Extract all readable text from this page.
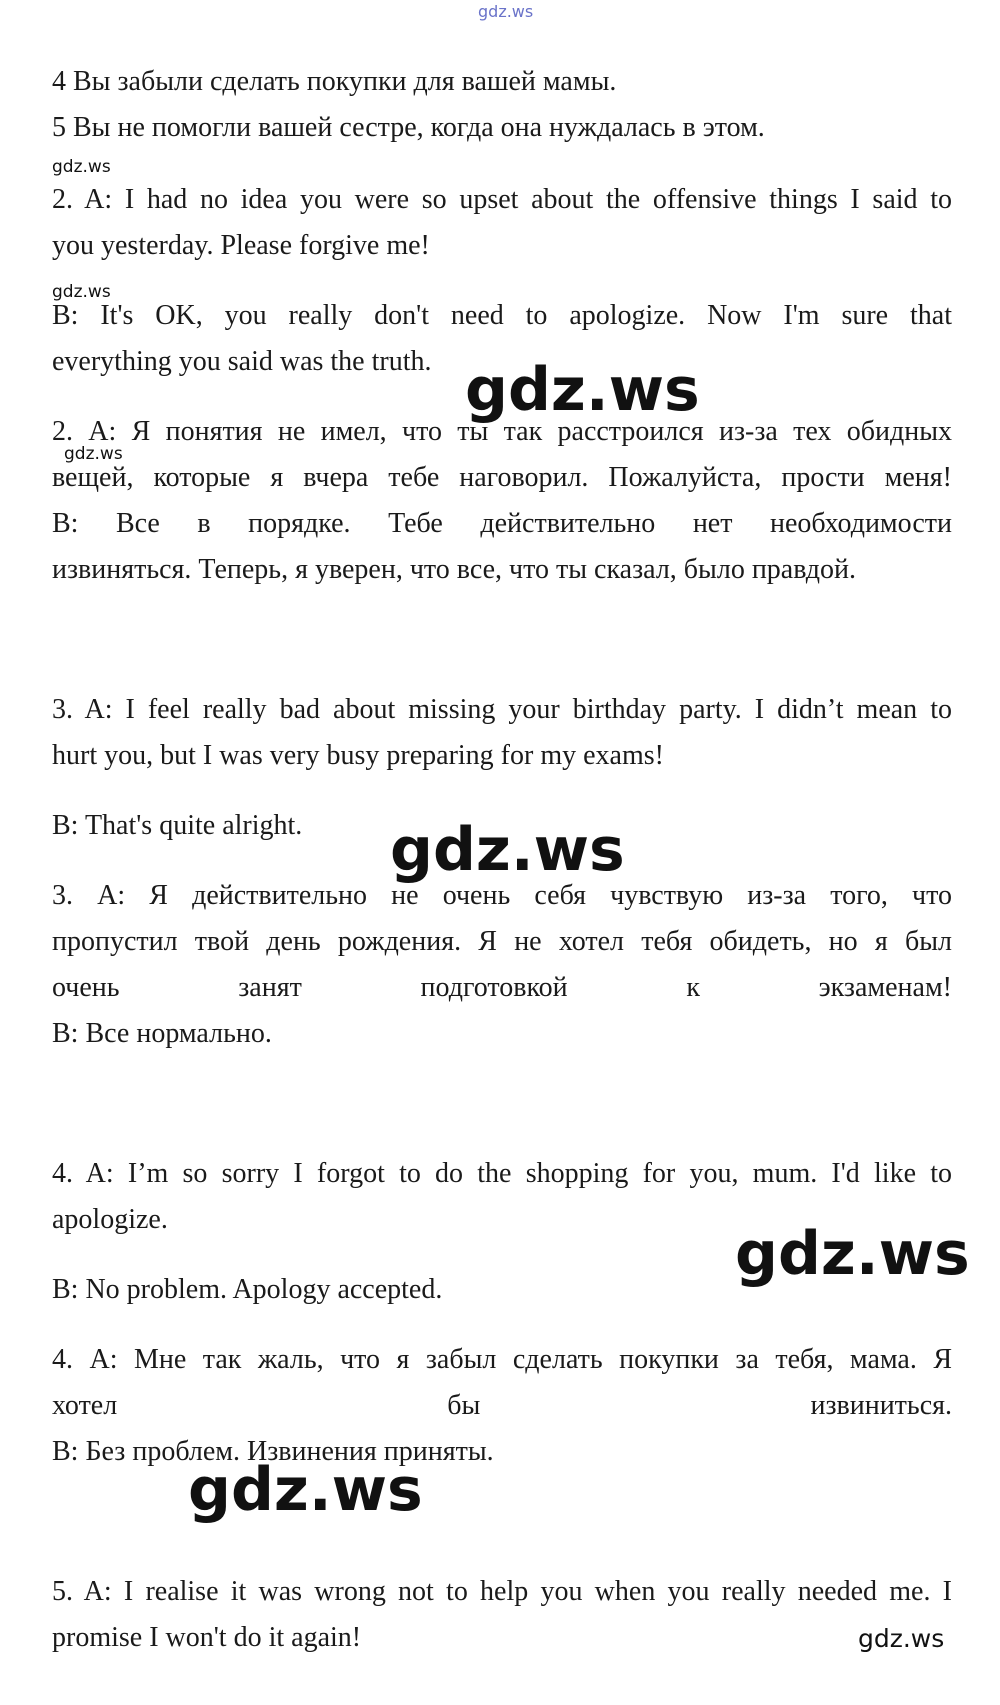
gdz.ws
4 Вы забыли сделать покупки для вашей мамы.
5 Вы не помогли вашей сестре, когда она нуждалась в этом.
gdz.ws
2. A: I had no idea you were so upset about the offensive things I said to
you yesterday. Please forgive me!
gdz.ws
B: It's OK, you really don't need to apologize. Now I'm sure that
everything you said was the truth. gdz.ws
2. А: Я понятия не имел, что ты так расстроился из-за тех обидных
gdz.ws
вещей, которые я вчера тебе наговорил. Пожалуйста, прости меня!
В: Все в порядке. Тебе действительно нет необходимости
извиняться. Теперь, я уверен, что все, что ты сказал, было правдой.
3. A: I feel really bad about missing your birthday party. I didn’t mean to
hurt you, but I was very busy preparing for my exams!
B: That's quite alright.	gdz.ws
3. А: Я действительно не очень себя чувствую из-за того, что
пропустил твой день рождения. Я не хотел тебя обидеть, но я был
очень занят подготовкой к экзаменам!
В: Все нормально.
4. A: I’m so sorry I forgot to do the shopping for you, mum. I'd like to
apologize.	gdz.ws
B: No problem. Apology accepted.
4. А: Мне так жаль, что я забыл сделать покупки за тебя, мама. Я
хотел бы извиниться.
В: Без проблем. Извинения приняты.
gdz.ws
5. A: I realise it was wrong not to help you when you really needed me. I
promise I won't do it again!	gdz.ws
